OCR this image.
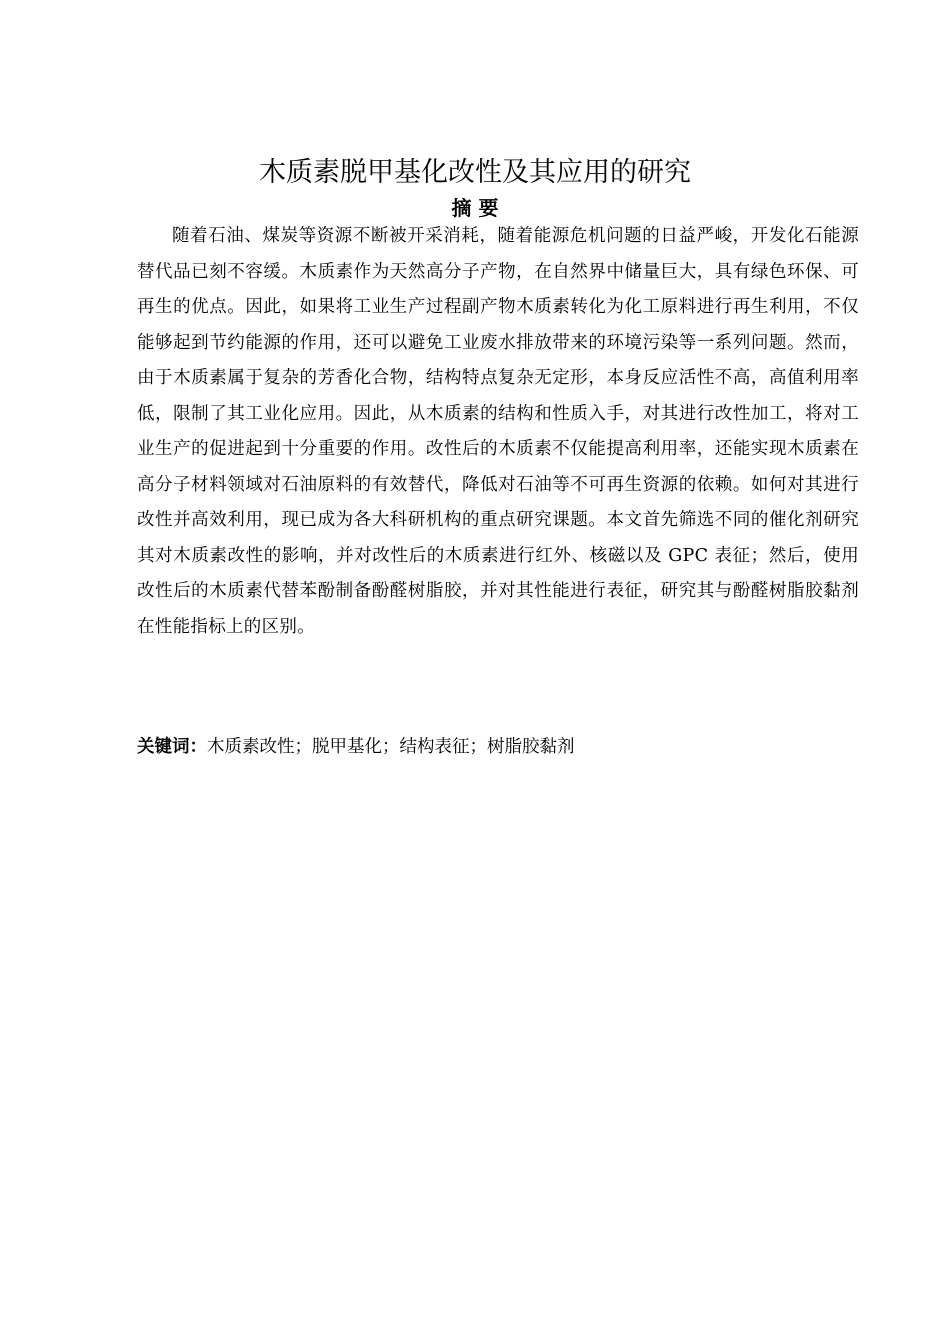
木质素脱甲基化改性及其应用的研究
摘 要

随着石油、煤炭等资源不断被开采消耗，随着能源危机问题的日益严峻，开发化石能源替代品已刻不容缓。木质素作为天然高分子产物，在自然界中储量巨大，具有绿色环保、可再生的优点。因此，如果将工业生产过程副产物木质素转化为化工原料进行再生利用，不仅能够起到节约能源的作用，还可以避免工业废水排放带来的环境污染等一系列问题。然而，由于木质素属于复杂的芳香化合物，结构特点复杂无定形，本身反应活性不高，高值利用率低，限制了其工业化应用。因此，从木质素的结构和性质入手，对其进行改性加工，将对工业生产的促进起到十分重要的作用。改性后的木质素不仅能提高利用率，还能实现木质素在高分子材料领域对石油原料的有效替代，降低对石油等不可再生资源的依赖。如何对其进行改性并高效利用，现已成为各大科研机构的重点研究课题。本文首先筛选不同的催化剂研究其对木质素改性的影响，并对改性后的木质素进行红外、核磁以及 GPC 表征；然后，使用改性后的木质素代替苯酚制备酚醛树脂胶，并对其性能进行表征，研究其与酚醛树脂胶黏剂在性能指标上的区别。

关键词：木质素改性；脱甲基化；结构表征；树脂胶黏剂
